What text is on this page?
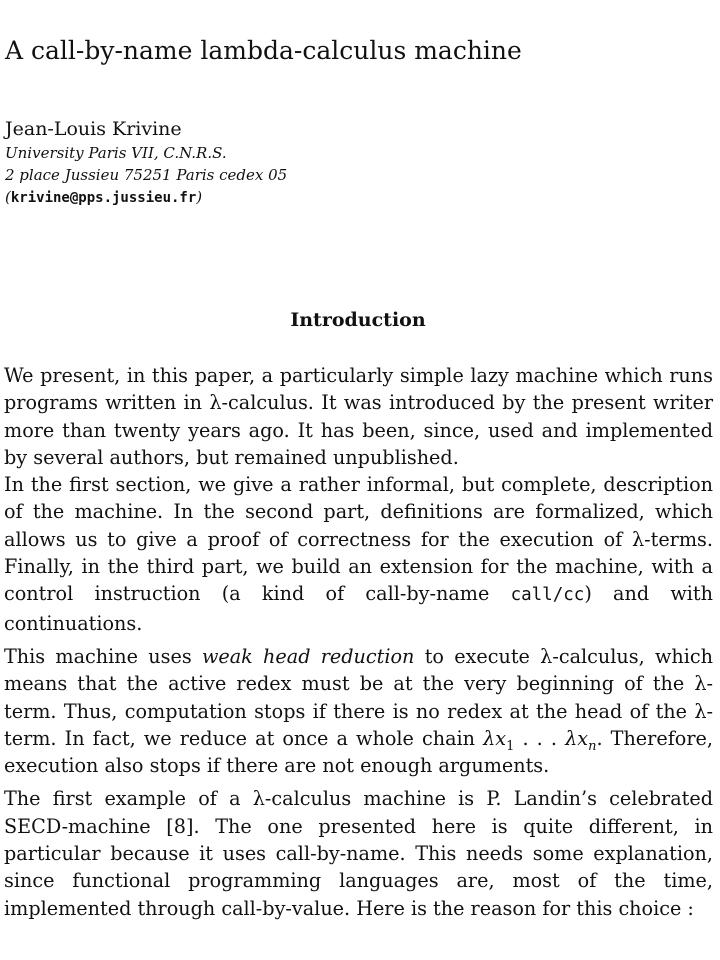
A call-by-name lambda-calculus machine
Jean-Louis Krivine
University Paris VII, C.N.R.S.
2 place Jussieu 75251 Paris cedex 05
(krivine@pps.jussieu.fr)
Introduction

We present, in this paper, a particularly simple lazy machine which runs programs written in λ-calculus. It was introduced by the present writer more than twenty years ago. It has been, since, used and implemented by several authors, but remained unpublished.

In the first section, we give a rather informal, but complete, description of the machine. In the second part, definitions are formalized, which allows us to give a proof of correctness for the execution of λ-terms. Finally, in the third part, we build an extension for the machine, with a control instruction (a kind of call-by-name call/cc) and with continuations.

This machine uses weak head reduction to execute λ-calculus, which means that the active redex must be at the very beginning of the λ-term. Thus, computation stops if there is no redex at the head of the λ-term. In fact, we reduce at once a whole chain $\lambda x_1$ . . . $\lambda x_n$. Therefore, execution also stops if there are not enough arguments.

The first example of a λ-calculus machine is P. Landin’s celebrated SECD-machine [8]. The one presented here is quite different, in particular because it uses call-by-name. This needs some explanation, since functional programming languages are, most of the time, implemented through call-by-value. Here is the reason for this choice :
